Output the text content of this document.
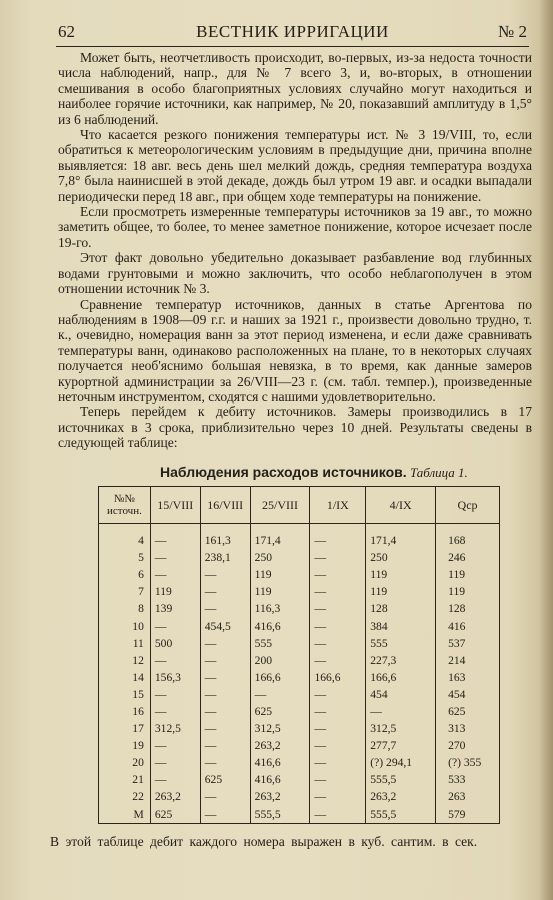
62	ВЕСТНИК ИРРИГАЦИИ	№ 2

Может быть, неотчетливость происходит, во-первых, из-за недоста точности числа наблюдений, напр., для № 7 всего 3, и, во-вторых, в отношении смешивания в особо благоприятных условиях случайно могут находиться и наиболее горячие источники, как например, № 20, показавший амплитуду в 1,5° из 6 наблюдений.

Что касается резкого понижения температуры ист. № 3 19/VIII, то, если обратиться к метеорологическим условиям в предыдущие дни, причина вполне выявляется: 18 авг. весь день шел мелкий дождь, средняя температура воздуха 7,8° была наинисшей в этой декаде, дождь был утром 19 авг. и осадки выпадали периодически перед 18 авг., при общем ходе температуры на понижение.

Если просмотреть измеренные температуры источников за 19 авг., то можно заметить общее, то более, то менее заметное понижение, которое исчезает после 19-го.

Этот факт довольно убедительно доказывает разбавление вод глубинных водами грунтовыми и можно заключить, что особо неблагополучен в этом отношении источник № 3.

Сравнение температур источников, данных в статье Аргентова по наблюдениям в 1908—09 г.г. и наших за 1921 г., произвести довольно трудно, т. к., очевидно, номерация ванн за этот период изменена, и если даже сравнивать температуры ванн, одинаково расположенных на плане, то в некоторых случаях получается необ'яснимо большая невязка, в то время, как данные замеров курортной администрации за 26/VIII—23 г. (см. табл. темпер.), произведенные неточным инструментом, сходятся с нашими удовлетворительно.

Теперь перейдем к дебиту источников. Замеры производились в 17 источниках в 3 срока, приблизительно через 10 дней. Результаты сведены в следующей таблице:

Наблюдения расходов источников. Таблица 1.
№№ источн.	15/VIII	16/VIII	25/VIII	1/IX	4/IX	Qср

4	—	161,3	171,4	—	171,4	168
5	—	238,1	250	—	250	246
6	—	—	119	—	119	119
7	119	—	119	—	119	119
8	139	—	116,3	—	128	128
10	—	454,5	416,6	—	384	416
11	500	—	555	—	555	537
12	—	—	200	—	227,3	214
14	156,3	—	166,6	166,6	166,6	163
15	—	—	—	—	454	454
16	—	—	625	—	—	625
17	312,5	—	312,5	—	312,5	313
19	—	—	263,2	—	277,7	270
20	—	—	416,6	—	(?) 294,1	(?) 355
21	—	625	416,6	—	555,5	533
22	263,2	—	263,2	—	263,2	263
M	625	—	555,5	—	555,5	579
В этой таблице дебит каждого номера выражен в куб. сантим. в сек.
